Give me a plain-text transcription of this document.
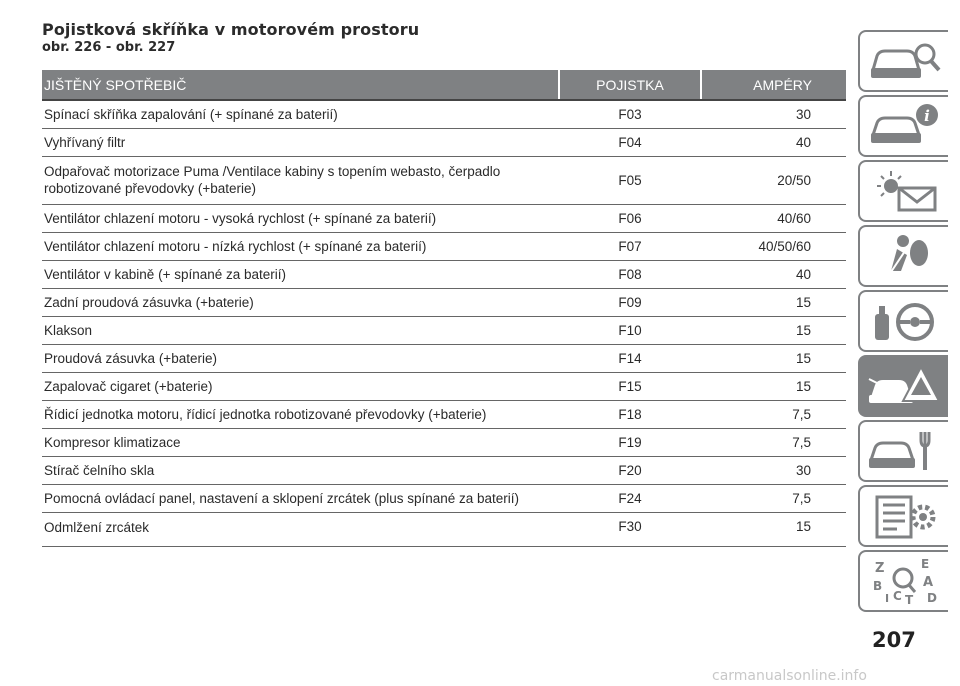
Pojistková skříňka v motorovém prostoru
obr. 226 - obr. 227
JIŠTĚNÝ SPOTŘEBIČ		POJISTKA		AMPÉRY
Spínací skříňka zapalování (+ spínané za baterií)		F03		30
Vyhřívaný filtr		F04		40
Odpařovač motorizace Puma /Ventilace kabiny s topením webasto, čerpadlo robotizované převodovky (+baterie)		F05		20/50
Ventilátor chlazení motoru - vysoká rychlost (+ spínané za baterií)		F06		40/60
Ventilátor chlazení motoru - nízká rychlost (+ spínané za baterií)		F07		40/50/60
Ventilátor v kabině (+ spínané za baterií)		F08		40
Zadní proudová zásuvka (+baterie)		F09		15
Klakson		F10		15
Proudová zásuvka (+baterie)		F14		15
Zapalovač cigaret (+baterie)		F15		15
Řídicí jednotka motoru, řídicí jednotka robotizované převodovky (+baterie)		F18		7,5
Kompresor klimatizace		F19		7,5
Stírač čelního skla		F20		30
Pomocná ovládací panel, nastavení a sklopení zrcátek (plus spínané za baterií)		F24		7,5
Odmlžení zrcátek		F30		15
i
Z	E
B	A
C D
T
I
207
carmanualsonline.info
